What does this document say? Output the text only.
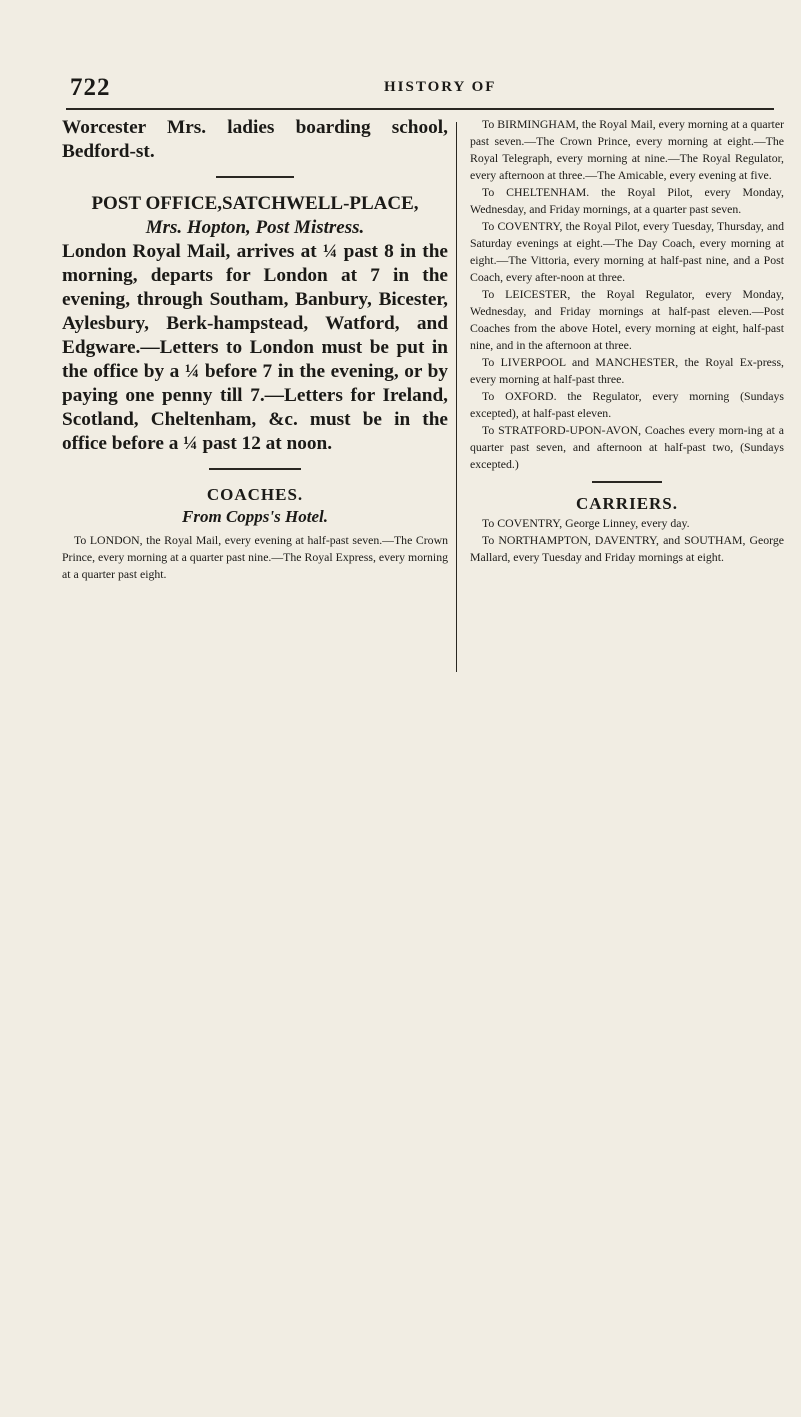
722	HISTORY OF

Worcester Mrs. ladies boarding school, Bedford-st.

POST OFFICE,SATCHWELL-PLACE,

Mrs. Hopton, Post Mistress.

London Royal Mail, arrives at ¼ past 8 in the morning, departs for London at 7 in the evening, through Southam, Banbury, Bicester, Aylesbury, Berk-hampstead, Watford, and Edgware.—Letters to London must be put in the office by a ¼ before 7 in the evening, or by paying one penny till 7.—Letters for Ireland, Scotland, Cheltenham, &c. must be in the office before a ¼ past 12 at noon.

COACHES.

From Copps's Hotel.

To LONDON, the Royal Mail, every evening at half-past seven.—The Crown Prince, every morning at a quarter past nine.—The Royal Express, every morning at a quarter past eight.

To BIRMINGHAM, the Royal Mail, every morning at a quarter past seven.—The Crown Prince, every morning at eight.—The Royal Telegraph, every morning at nine.—The Royal Regulator, every afternoon at three.—The Amicable, every evening at five.

To CHELTENHAM. the Royal Pilot, every Monday, Wednesday, and Friday mornings, at a quarter past seven.

To COVENTRY, the Royal Pilot, every Tuesday, Thursday, and Saturday evenings at eight.—The Day Coach, every morning at eight.—The Vittoria, every morning at half-past nine, and a Post Coach, every after-noon at three.

To LEICESTER, the Royal Regulator, every Monday, Wednesday, and Friday mornings at half-past eleven.—Post Coaches from the above Hotel, every morning at eight, half-past nine, and in the afternoon at three.

To LIVERPOOL and MANCHESTER, the Royal Ex-press, every morning at half-past three.

To OXFORD. the Regulator, every morning (Sundays excepted), at half-past eleven.

To STRATFORD-UPON-AVON, Coaches every morn-ing at a quarter past seven, and afternoon at half-past two, (Sundays excepted.)

CARRIERS.

To COVENTRY, George Linney, every day.

To NORTHAMPTON, DAVENTRY, and SOUTHAM, George Mallard, every Tuesday and Friday mornings at eight.
